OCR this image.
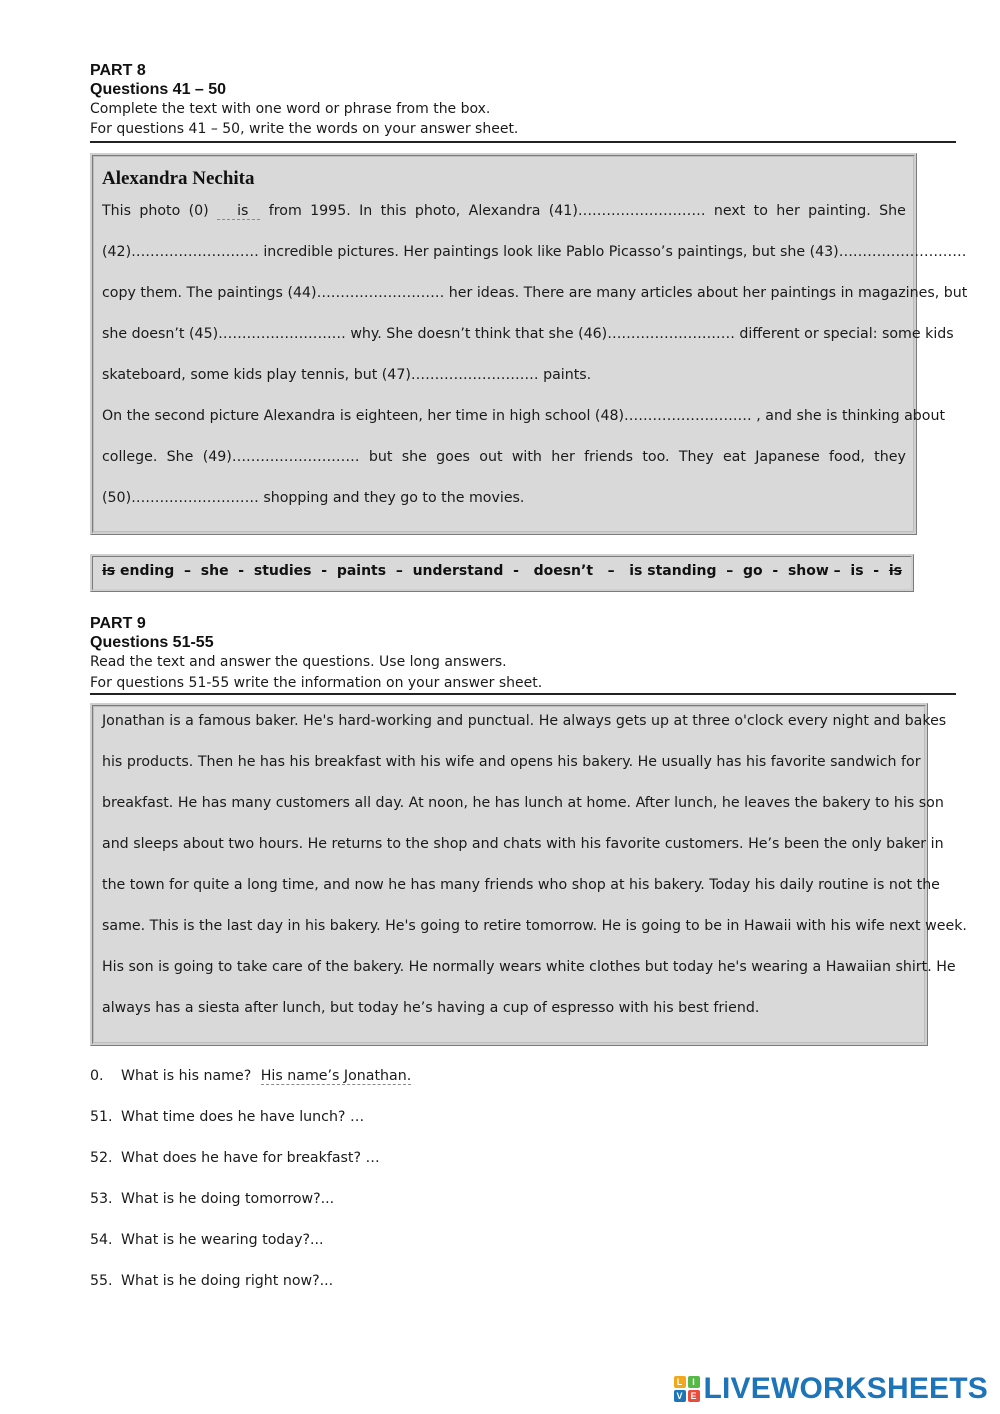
PART 8
Questions 41 – 50
Complete the text with one word or phrase from the box.
For questions 41 – 50, write the words on your answer sheet.
Alexandra Nechita
This photo (0)	is	from 1995. In this photo, Alexandra (41)……………………… next to her painting. She
(42)……………………… incredible pictures. Her paintings look like Pablo Picasso’s paintings, but she (43)………………………
copy them. The paintings (44)……………………… her ideas. There are many articles about her paintings in magazines, but
she doesn’t (45)……………………… why. She doesn’t think that she (46)……………………… different or special: some kids
skateboard, some kids play tennis, but (47)……………………… paints.
On the second picture Alexandra is eighteen, her time in high school (48)……………………… , and she is thinking about
college. She (49)……………………… but she goes out with her friends too. They eat Japanese food, they
(50)……………………… shopping and they go to the movies.
is ending  –  she  -  studies  -  paints  –  understand  -   doesn’t   –   is standing  –  go  -  show –  is  -  is
PART 9
Questions 51-55
Read the text and answer the questions. Use long answers.
For questions 51-55 write the information on your answer sheet.
Jonathan is a famous baker. He's hard-working and punctual. He always gets up at three o'clock every night and bakes
his products. Then he has his breakfast with his wife and opens his bakery. He usually has his favorite sandwich for
breakfast. He has many customers all day. At noon, he has lunch at home. After lunch, he leaves the bakery to his son
and sleeps about two hours. He returns to the shop and chats with his favorite customers. He’s been the only baker in
the town for quite a long time, and now he has many friends who shop at his bakery. Today his daily routine is not the
same. This is the last day in his bakery. He's going to retire tomorrow. He is going to be in Hawaii with his wife next week.
His son is going to take care of the bakery. He normally wears white clothes but today he's wearing a Hawaiian shirt. He
always has a siesta after lunch, but today he’s having a cup of espresso with his best friend.
0. What is his name? His name’s Jonathan.
51. What time does he have lunch? …
52. What does he have for breakfast? …
53. What is he doing tomorrow?...
54. What is he wearing today?...
55. What is he doing right now?...
L	I
V E LIVEWORKSHEETS
